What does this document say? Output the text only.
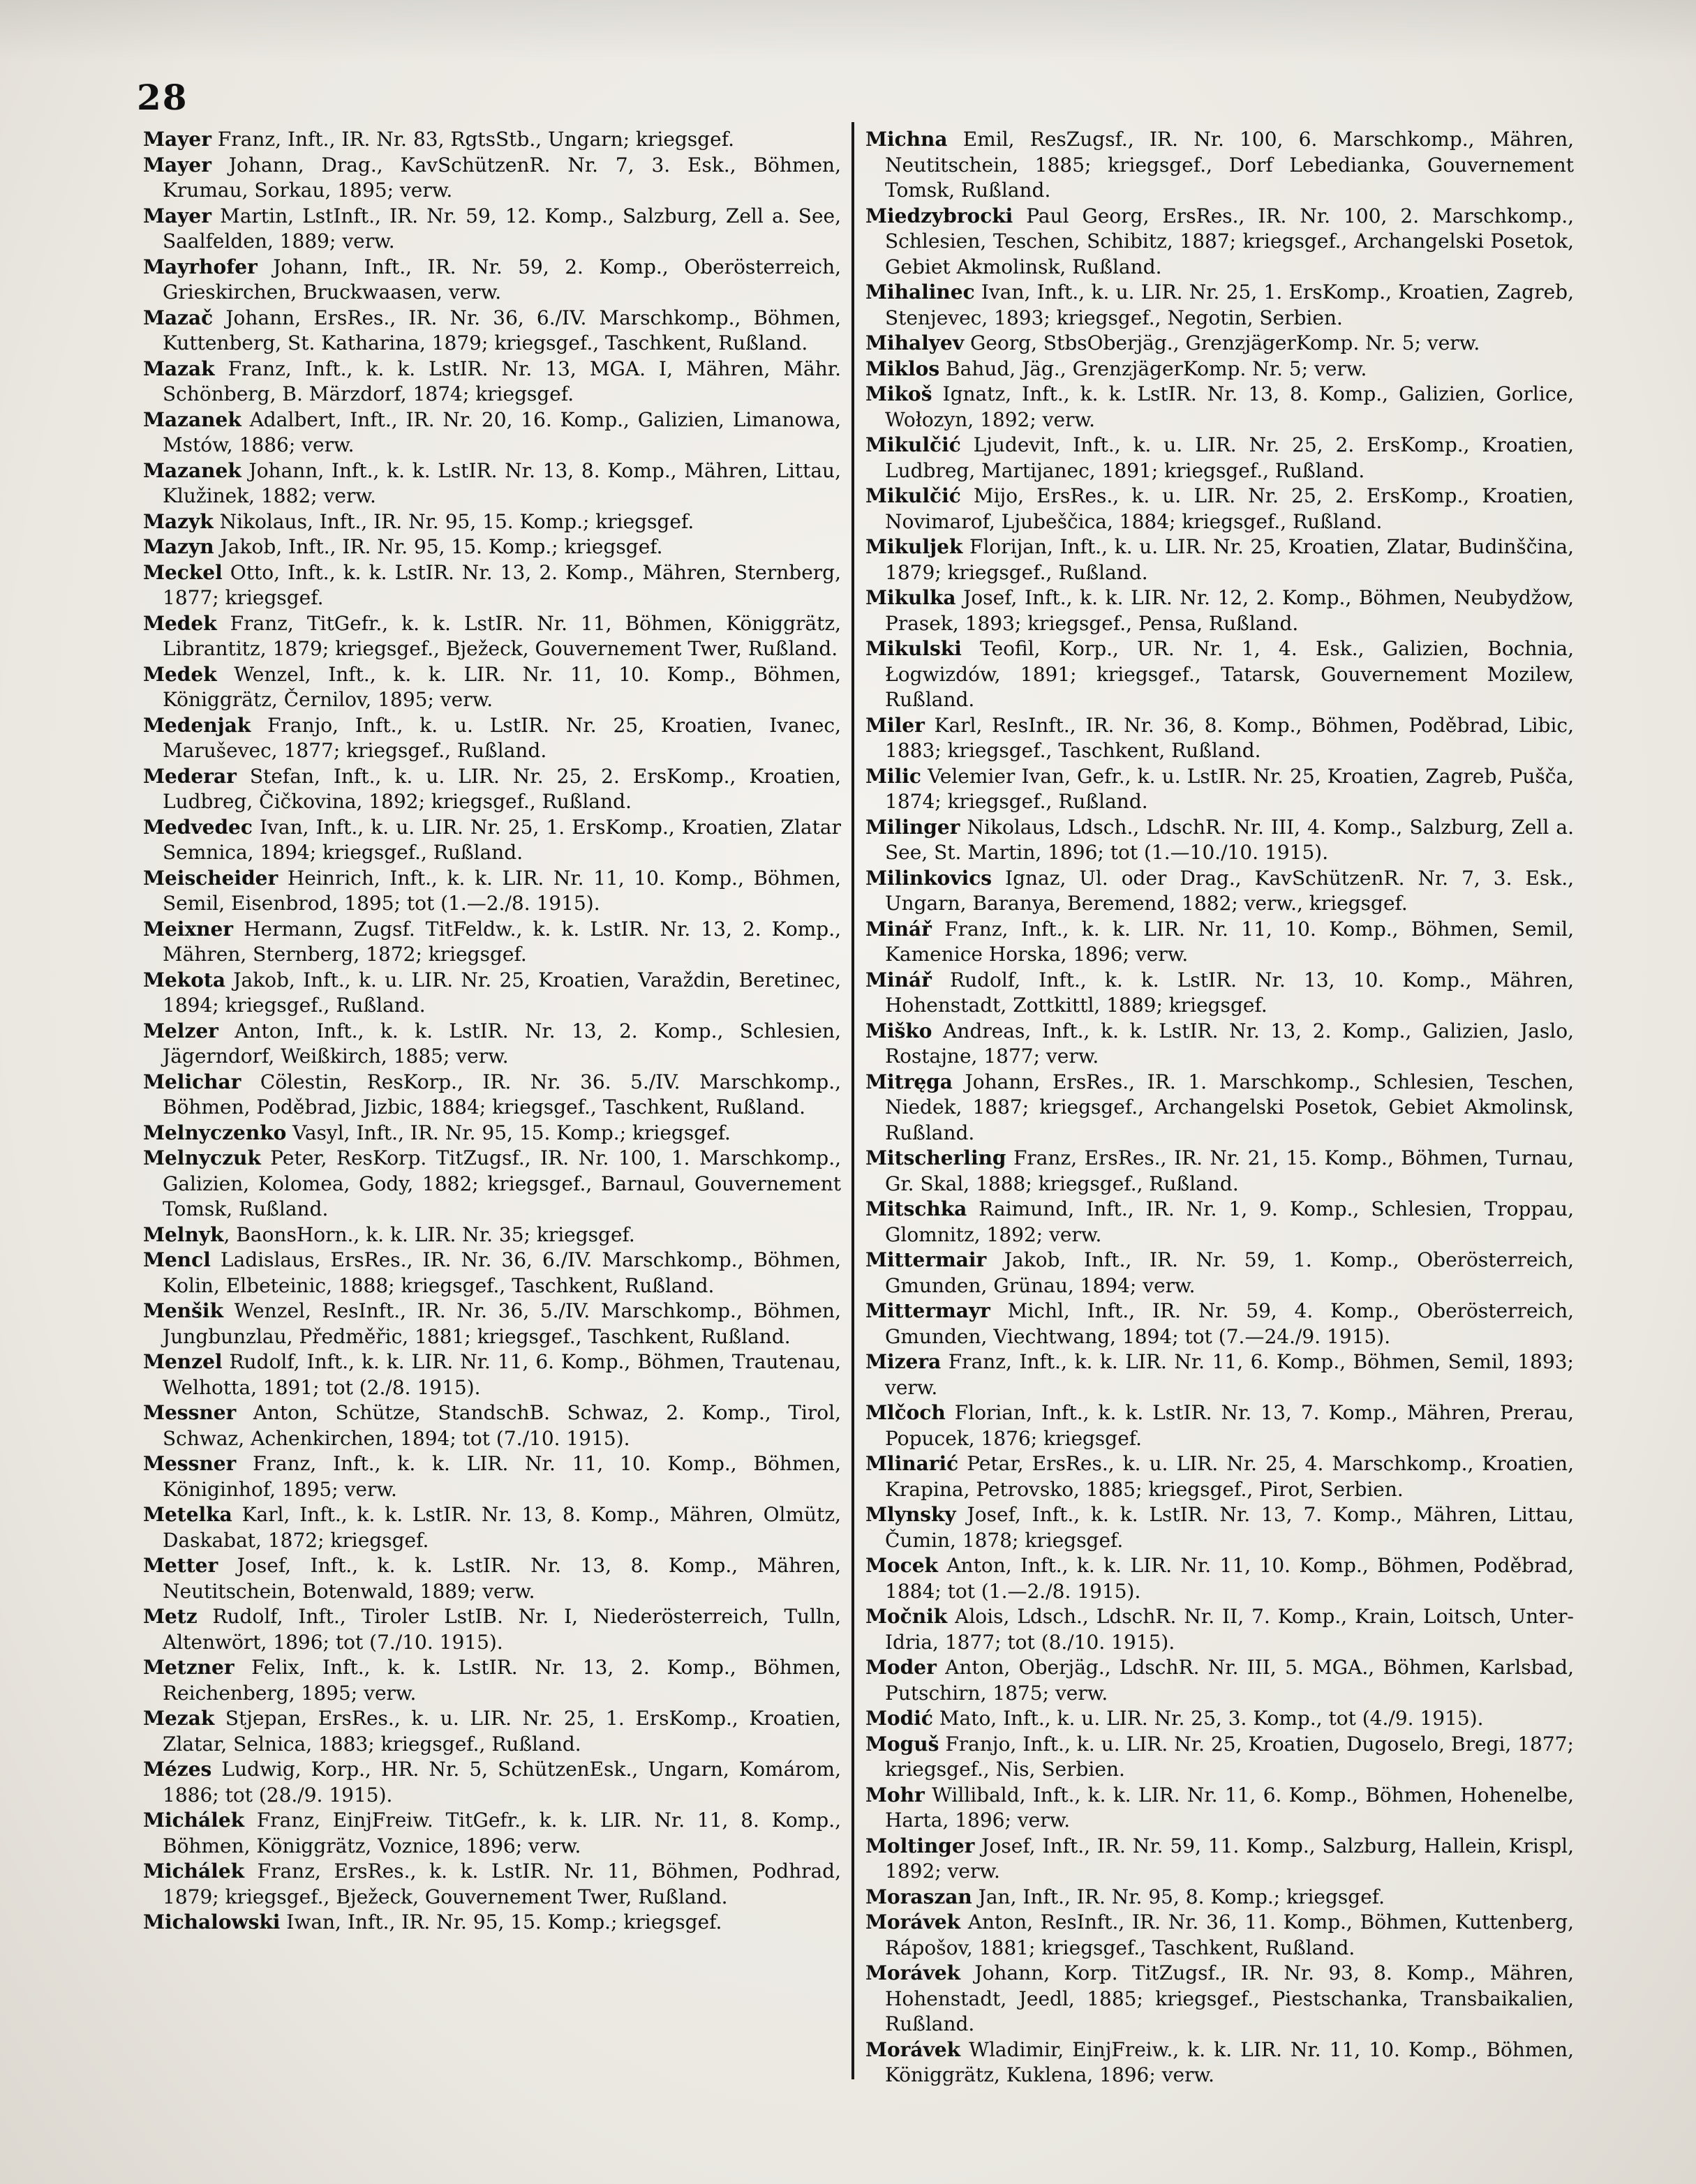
28
Mayer Franz, Inft., IR. Nr. 83, RgtsStb., Ungarn; kriegsgef.
Mayer Johann, Drag., KavSchützenR. Nr. 7, 3. Esk., Böhmen, Krumau, Sorkau, 1895; verw.
Mayer Martin, LstInft., IR. Nr. 59, 12. Komp., Salzburg, Zell a. See, Saalfelden, 1889; verw.
Mayrhofer Johann, Inft., IR. Nr. 59, 2. Komp., Oberösterreich, Grieskirchen, Bruckwaasen, verw.
Mazač Johann, ErsRes., IR. Nr. 36, 6./IV. Marschkomp., Böhmen, Kuttenberg, St. Katharina, 1879; kriegsgef., Taschkent, Rußland.
Mazak Franz, Inft., k. k. LstIR. Nr. 13, MGA. I, Mähren, Mähr. Schönberg, B. Märzdorf, 1874; kriegsgef.
Mazanek Adalbert, Inft., IR. Nr. 20, 16. Komp., Galizien, Limanowa, Mstów, 1886; verw.
Mazanek Johann, Inft., k. k. LstIR. Nr. 13, 8. Komp., Mähren, Littau, Klužinek, 1882; verw.
Mazyk Nikolaus, Inft., IR. Nr. 95, 15. Komp.; kriegsgef.
Mazyn Jakob, Inft., IR. Nr. 95, 15. Komp.; kriegsgef.
Meckel Otto, Inft., k. k. LstIR. Nr. 13, 2. Komp., Mähren, Sternberg, 1877; kriegsgef.
Medek Franz, TitGefr., k. k. LstIR. Nr. 11, Böhmen, Königgrätz, Librantitz, 1879; kriegsgef., Bježeck, Gouvernement Twer, Rußland.
Medek Wenzel, Inft., k. k. LIR. Nr. 11, 10. Komp., Böhmen, Königgrätz, Černilov, 1895; verw.
Medenjak Franjo, Inft., k. u. LstIR. Nr. 25, Kroatien, Ivanec, Maruševec, 1877; kriegsgef., Rußland.
Mederar Stefan, Inft., k. u. LIR. Nr. 25, 2. ErsKomp., Kroatien, Ludbreg, Čičkovina, 1892; kriegsgef., Rußland.
Medvedec Ivan, Inft., k. u. LIR. Nr. 25, 1. ErsKomp., Kroatien, Zlatar Semnica, 1894; kriegsgef., Rußland.
Meischeider Heinrich, Inft., k. k. LIR. Nr. 11, 10. Komp., Böhmen, Semil, Eisenbrod, 1895; tot (1.—2./8. 1915).
Meixner Hermann, Zugsf. TitFeldw., k. k. LstIR. Nr. 13, 2. Komp., Mähren, Sternberg, 1872; kriegsgef.
Mekota Jakob, Inft., k. u. LIR. Nr. 25, Kroatien, Varaždin, Beretinec, 1894; kriegsgef., Rußland.
Melzer Anton, Inft., k. k. LstIR. Nr. 13, 2. Komp., Schlesien, Jägerndorf, Weißkirch, 1885; verw.
Melichar Cölestin, ResKorp., IR. Nr. 36. 5./IV. Marschkomp., Böhmen, Poděbrad, Jizbic, 1884; kriegsgef., Taschkent, Rußland.
Melnyczenko Vasyl, Inft., IR. Nr. 95, 15. Komp.; kriegsgef.
Melnyczuk Peter, ResKorp. TitZugsf., IR. Nr. 100, 1. Marschkomp., Galizien, Kolomea, Gody, 1882; kriegsgef., Barnaul, Gouvernement Tomsk, Rußland.
Melnyk, BaonsHorn., k. k. LIR. Nr. 35; kriegsgef.
Mencl Ladislaus, ErsRes., IR. Nr. 36, 6./IV. Marschkomp., Böhmen, Kolin, Elbeteinic, 1888; kriegsgef., Taschkent, Rußland.
Menšik Wenzel, ResInft., IR. Nr. 36, 5./IV. Marschkomp., Böhmen, Jungbunzlau, Předměřic, 1881; kriegsgef., Taschkent, Rußland.
Menzel Rudolf, Inft., k. k. LIR. Nr. 11, 6. Komp., Böhmen, Trautenau, Welhotta, 1891; tot (2./8. 1915).
Messner Anton, Schütze, StandschB. Schwaz, 2. Komp., Tirol, Schwaz, Achenkirchen, 1894; tot (7./10. 1915).
Messner Franz, Inft., k. k. LIR. Nr. 11, 10. Komp., Böhmen, Königinhof, 1895; verw.
Metelka Karl, Inft., k. k. LstIR. Nr. 13, 8. Komp., Mähren, Olmütz, Daskabat, 1872; kriegsgef.
Metter Josef, Inft., k. k. LstIR. Nr. 13, 8. Komp., Mähren, Neutitschein, Botenwald, 1889; verw.
Metz Rudolf, Inft., Tiroler LstIB. Nr. I, Niederösterreich, Tulln, Altenwört, 1896; tot (7./10. 1915).
Metzner Felix, Inft., k. k. LstIR. Nr. 13, 2. Komp., Böhmen, Reichenberg, 1895; verw.
Mezak Stjepan, ErsRes., k. u. LIR. Nr. 25, 1. ErsKomp., Kroatien, Zlatar, Selnica, 1883; kriegsgef., Rußland.
Mézes Ludwig, Korp., HR. Nr. 5, SchützenEsk., Ungarn, Komárom, 1886; tot (28./9. 1915).
Michálek Franz, EinjFreiw. TitGefr., k. k. LIR. Nr. 11, 8. Komp., Böhmen, Königgrätz, Voznice, 1896; verw.
Michálek Franz, ErsRes., k. k. LstIR. Nr. 11, Böhmen, Podhrad, 1879; kriegsgef., Bježeck, Gouvernement Twer, Rußland.
Michalowski Iwan, Inft., IR. Nr. 95, 15. Komp.; kriegsgef.
Michna Emil, ResZugsf., IR. Nr. 100, 6. Marschkomp., Mähren, Neutitschein, 1885; kriegsgef., Dorf Lebedianka, Gouvernement Tomsk, Rußland.
Miedzybrocki Paul Georg, ErsRes., IR. Nr. 100, 2. Marschkomp., Schlesien, Teschen, Schibitz, 1887; kriegsgef., Archangelski Posetok, Gebiet Akmolinsk, Rußland.
Mihalinec Ivan, Inft., k. u. LIR. Nr. 25, 1. ErsKomp., Kroatien, Zagreb, Stenjevec, 1893; kriegsgef., Negotin, Serbien.
Mihalyev Georg, StbsOberjäg., GrenzjägerKomp. Nr. 5; verw.
Miklos Bahud, Jäg., GrenzjägerKomp. Nr. 5; verw.
Mikoš Ignatz, Inft., k. k. LstIR. Nr. 13, 8. Komp., Galizien, Gorlice, Wołozyn, 1892; verw.
Mikulčić Ljudevit, Inft., k. u. LIR. Nr. 25, 2. ErsKomp., Kroatien, Ludbreg, Martijanec, 1891; kriegsgef., Rußland.
Mikulčić Mijo, ErsRes., k. u. LIR. Nr. 25, 2. ErsKomp., Kroatien, Novimarof, Ljubeščica, 1884; kriegsgef., Rußland.
Mikuljek Florijan, Inft., k. u. LIR. Nr. 25, Kroatien, Zlatar, Budinščina, 1879; kriegsgef., Rußland.
Mikulka Josef, Inft., k. k. LIR. Nr. 12, 2. Komp., Böhmen, Neubydžow, Prasek, 1893; kriegsgef., Pensa, Rußland.
Mikulski Teofil, Korp., UR. Nr. 1, 4. Esk., Galizien, Bochnia, Łogwizdów, 1891; kriegsgef., Tatarsk, Gouvernement Mozilew, Rußland.
Miler Karl, ResInft., IR. Nr. 36, 8. Komp., Böhmen, Poděbrad, Libic, 1883; kriegsgef., Taschkent, Rußland.
Milic Velemier Ivan, Gefr., k. u. LstIR. Nr. 25, Kroatien, Zagreb, Pušča, 1874; kriegsgef., Rußland.
Milinger Nikolaus, Ldsch., LdschR. Nr. III, 4. Komp., Salzburg, Zell a. See, St. Martin, 1896; tot (1.—10./10. 1915).
Milinkovics Ignaz, Ul. oder Drag., KavSchützenR. Nr. 7, 3. Esk., Ungarn, Baranya, Beremend, 1882; verw., kriegsgef.
Minář Franz, Inft., k. k. LIR. Nr. 11, 10. Komp., Böhmen, Semil, Kamenice Horska, 1896; verw.
Minář Rudolf, Inft., k. k. LstIR. Nr. 13, 10. Komp., Mähren, Hohenstadt, Zottkittl, 1889; kriegsgef.
Miško Andreas, Inft., k. k. LstIR. Nr. 13, 2. Komp., Galizien, Jaslo, Rostajne, 1877; verw.
Mitręga Johann, ErsRes., IR. 1. Marschkomp., Schlesien, Teschen, Niedek, 1887; kriegsgef., Archangelski Posetok, Gebiet Akmolinsk, Rußland.
Mitscherling Franz, ErsRes., IR. Nr. 21, 15. Komp., Böhmen, Turnau, Gr. Skal, 1888; kriegsgef., Rußland.
Mitschka Raimund, Inft., IR. Nr. 1, 9. Komp., Schlesien, Troppau, Glomnitz, 1892; verw.
Mittermair Jakob, Inft., IR. Nr. 59, 1. Komp., Oberösterreich, Gmunden, Grünau, 1894; verw.
Mittermayr Michl, Inft., IR. Nr. 59, 4. Komp., Oberösterreich, Gmunden, Viechtwang, 1894; tot (7.—24./9. 1915).
Mizera Franz, Inft., k. k. LIR. Nr. 11, 6. Komp., Böhmen, Semil, 1893; verw.
Mlčoch Florian, Inft., k. k. LstIR. Nr. 13, 7. Komp., Mähren, Prerau, Popucek, 1876; kriegsgef.
Mlinarić Petar, ErsRes., k. u. LIR. Nr. 25, 4. Marschkomp., Kroatien, Krapina, Petrovsko, 1885; kriegsgef., Pirot, Serbien.
Mlynsky Josef, Inft., k. k. LstIR. Nr. 13, 7. Komp., Mähren, Littau, Čumin, 1878; kriegsgef.
Mocek Anton, Inft., k. k. LIR. Nr. 11, 10. Komp., Böhmen, Poděbrad, 1884; tot (1.—2./8. 1915).
Močnik Alois, Ldsch., LdschR. Nr. II, 7. Komp., Krain, Loitsch, Unter-Idria, 1877; tot (8./10. 1915).
Moder Anton, Oberjäg., LdschR. Nr. III, 5. MGA., Böhmen, Karlsbad, Putschirn, 1875; verw.
Modić Mato, Inft., k. u. LIR. Nr. 25, 3. Komp., tot (4./9. 1915).
Moguš Franjo, Inft., k. u. LIR. Nr. 25, Kroatien, Dugoselo, Bregi, 1877; kriegsgef., Nis, Serbien.
Mohr Willibald, Inft., k. k. LIR. Nr. 11, 6. Komp., Böhmen, Hohenelbe, Harta, 1896; verw.
Moltinger Josef, Inft., IR. Nr. 59, 11. Komp., Salzburg, Hallein, Krispl, 1892; verw.
Moraszan Jan, Inft., IR. Nr. 95, 8. Komp.; kriegsgef.
Morávek Anton, ResInft., IR. Nr. 36, 11. Komp., Böhmen, Kuttenberg, Rápošov, 1881; kriegsgef., Taschkent, Rußland.
Morávek Johann, Korp. TitZugsf., IR. Nr. 93, 8. Komp., Mähren, Hohenstadt, Jeedl, 1885; kriegsgef., Piestschanka, Transbaikalien, Rußland.
Morávek Wladimir, EinjFreiw., k. k. LIR. Nr. 11, 10. Komp., Böhmen, Königgrätz, Kuklena, 1896; verw.
